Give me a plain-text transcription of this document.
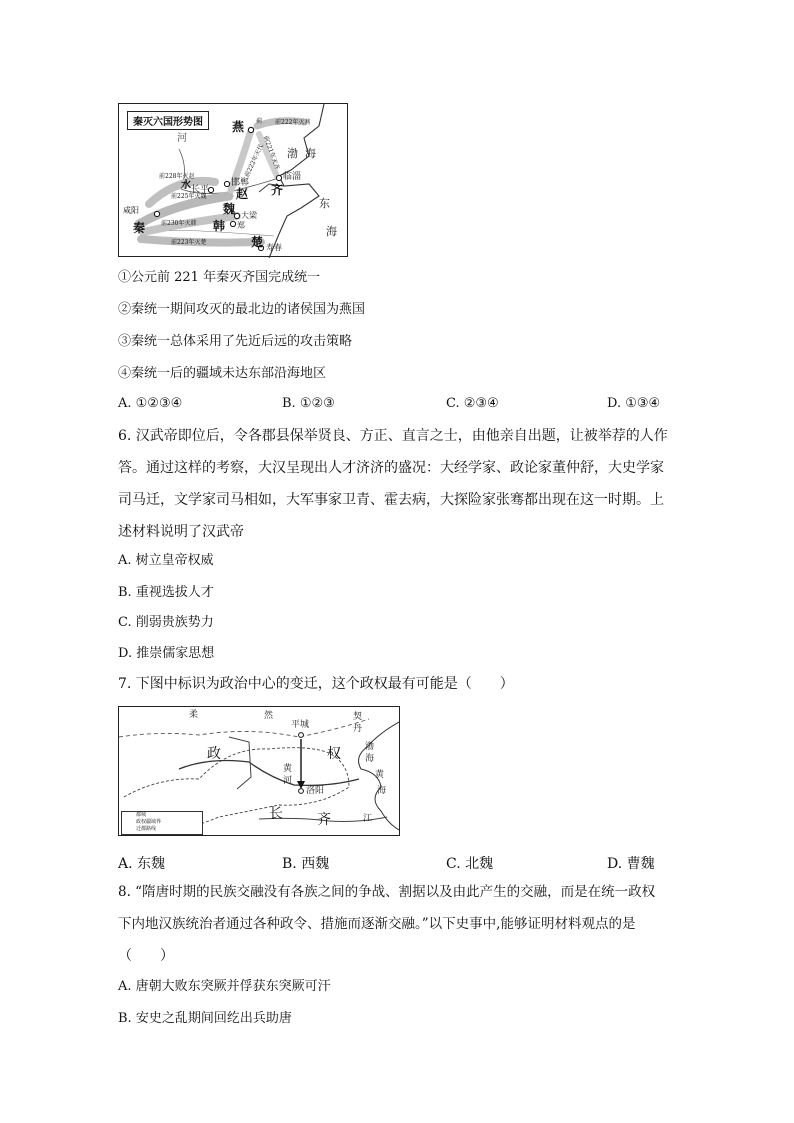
秦灭六国形势图	燕
赵 齐
魏
韩
秦
楚
蓟
邯郸
临淄
长平
大梁
郑
咸阳
寿春
渤 海
东
海
河
水
前222年灭燕
前221年灭齐
前228年灭赵
前225年灭魏
前230年灭韩
前223年灭楚
前222年灭代
①公元前 221 年秦灭齐国完成统一
②秦统一期间攻灭的最北边的诸侯国为燕国
③秦统一总体采用了先近后远的攻击策略
④秦统一后的疆域未达东部沿海地区
A. ①②③④	B. ①②③	C. ②③④	D. ①③④
6. 汉武帝即位后，令各郡县保举贤良、方正、直言之士，由他亲自出题，让被举荐的人作
答。通过这样的考察，大汉呈现出人才济济的盛况：大经学家、政论家董仲舒，大史学家
司马迁，文学家司马相如，大军事家卫青、霍去病，大探险家张骞都出现在这一时期。上
述材料说明了汉武帝
A. 树立皇帝权威
B. 重视选拔人才
C. 削弱贵族势力
D. 推崇儒家思想
7. 下图中标识为政治中心的变迁，这个政权最有可能是（　　）
柔	然	契
丹
政
平城
权	渤
海
黄
河
洛阳
黄
海
长 齐	江
都城
政权疆域界
迁都路线
A. 东魏	B. 西魏	C. 北魏	D. 曹魏
8. “隋唐时期的民族交融没有各族之间的争战、割据以及由此产生的交融，而是在统一政权
下内地汉族统治者通过各种政令、措施而逐渐交融。”以下史事中,能够证明材料观点的是
（　　）
A. 唐朝大败东突厥并俘获东突厥可汗
B. 安史之乱期间回纥出兵助唐
